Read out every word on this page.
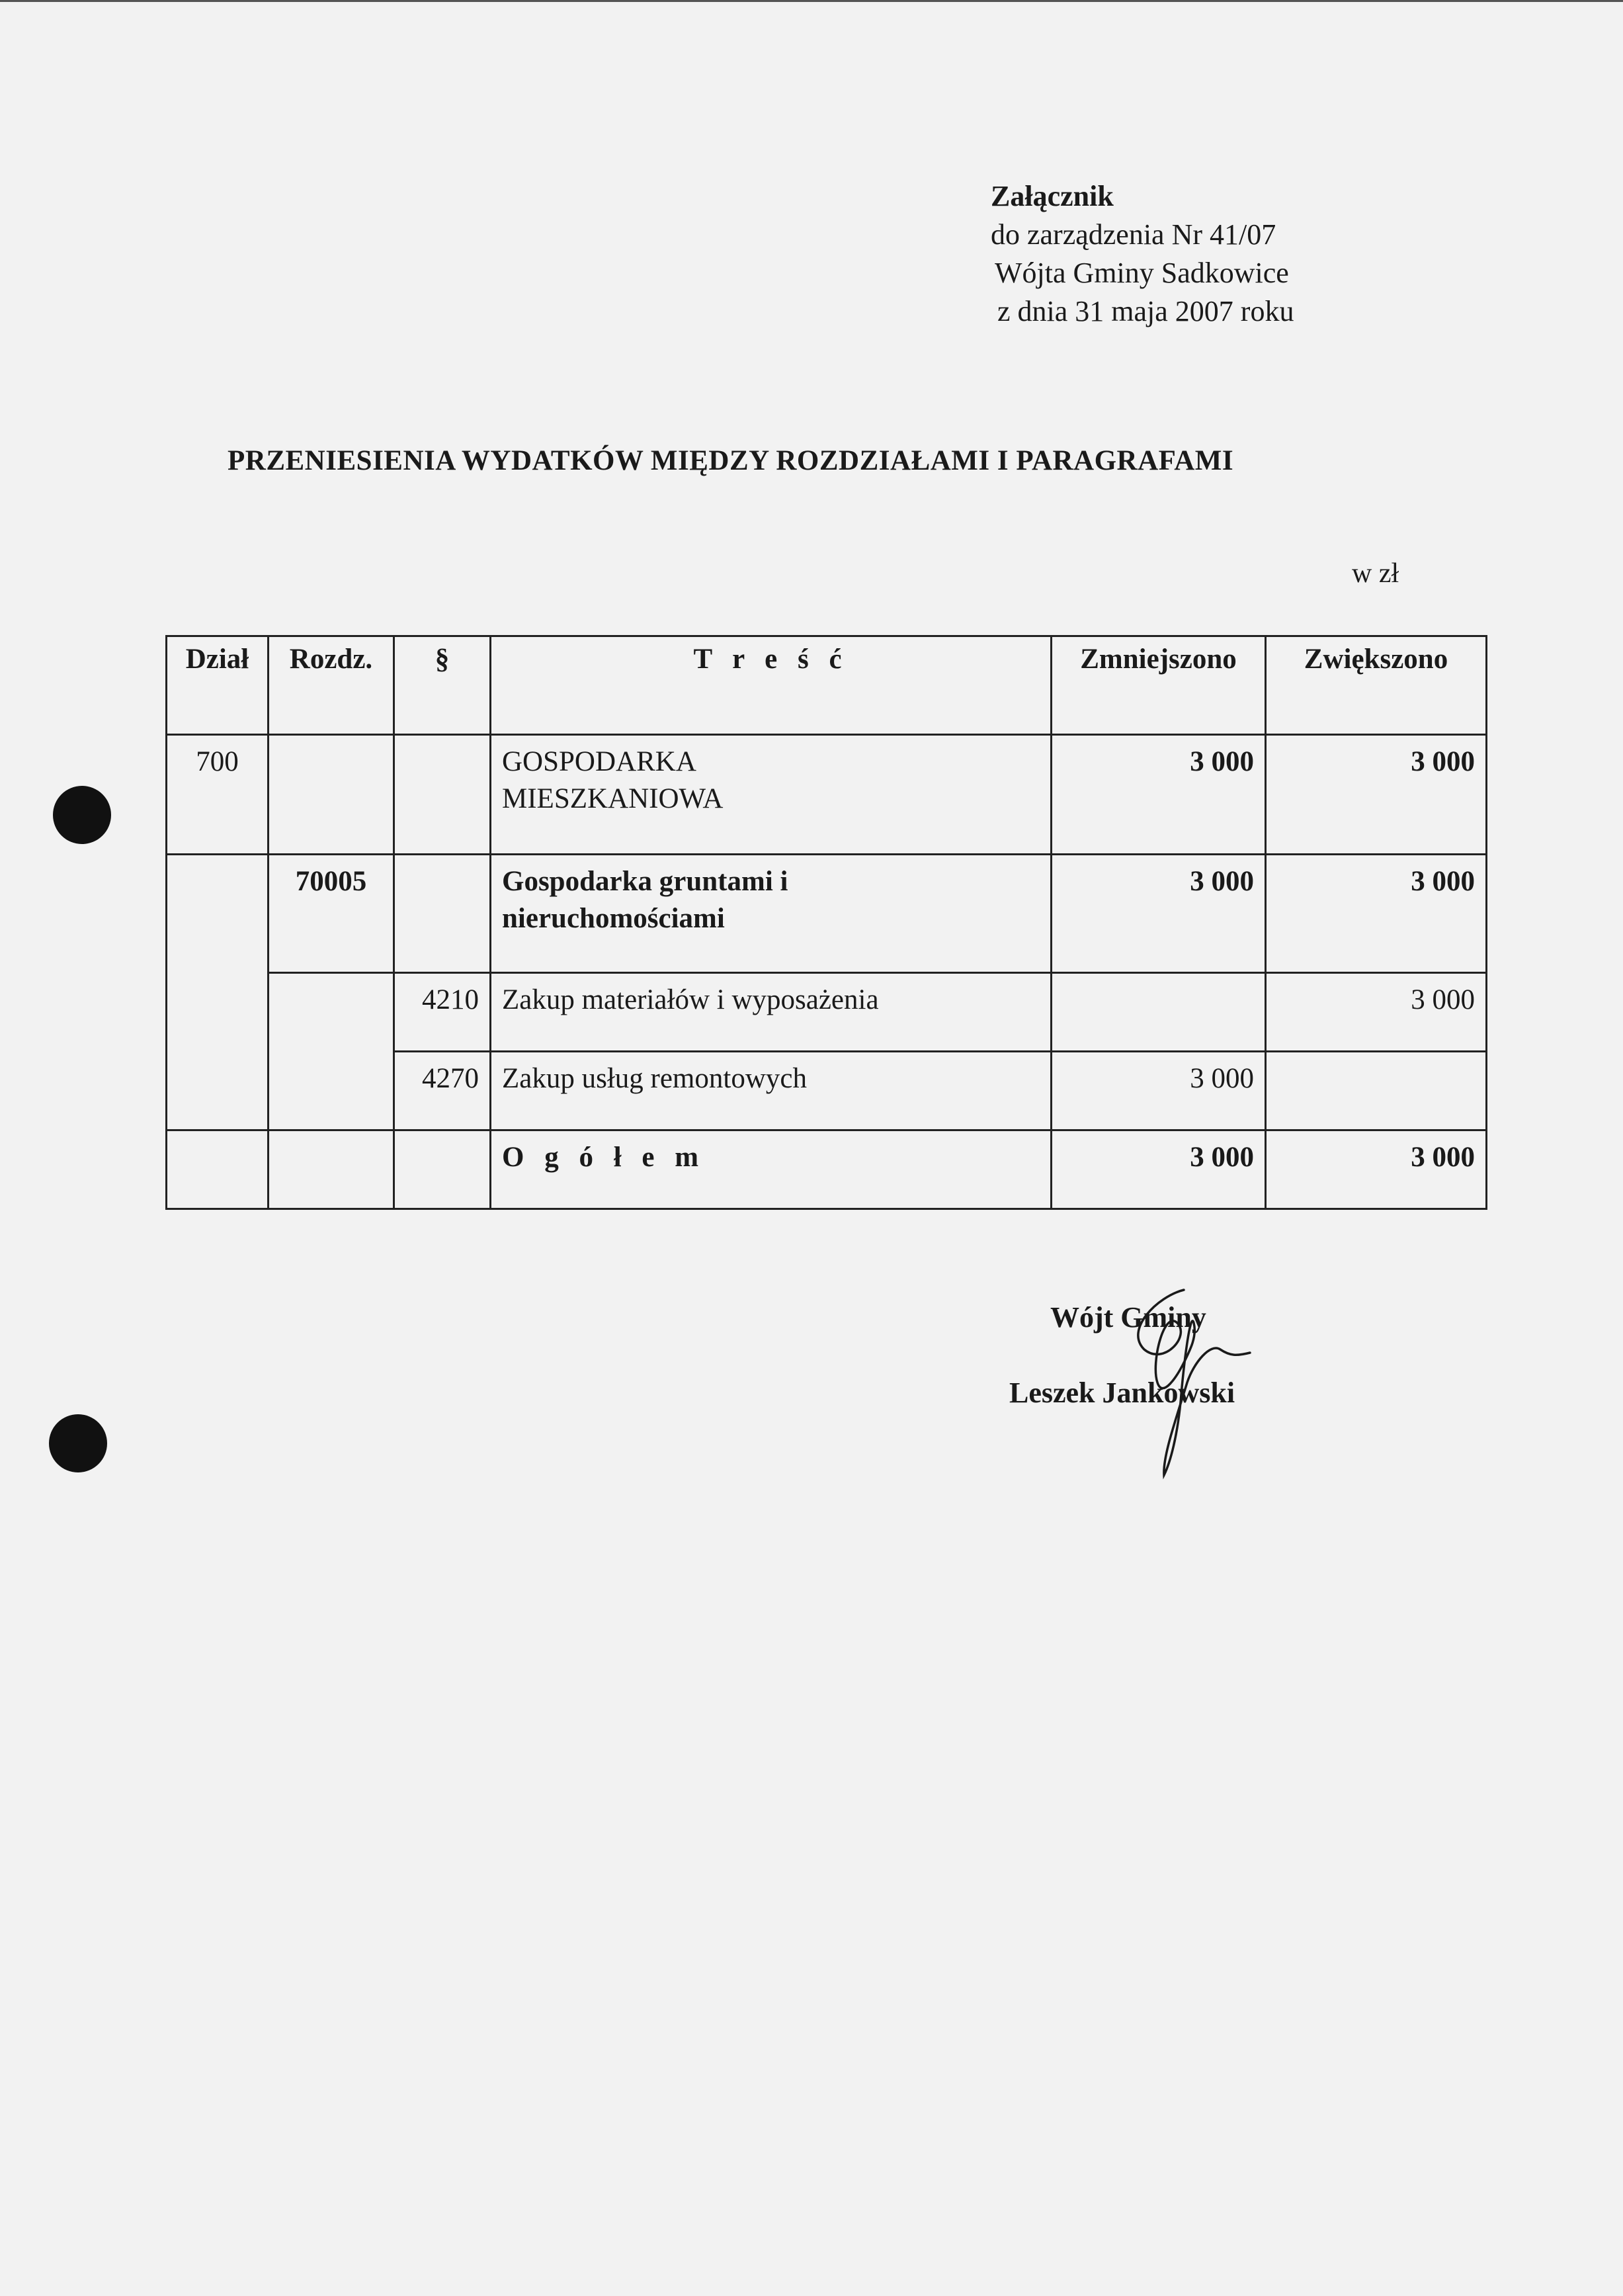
Załącznik
do zarządzenia Nr 41/07
Wójta Gminy Sadkowice
z dnia 31 maja 2007 roku
PRZENIESIENIA WYDATKÓW MIĘDZY ROZDZIAŁAMI I PARAGRAFAMI
w zł
Dział	Rozdz.	§	T r e ś ć	Zmniejszono	Zwiększono
700			GOSPODARKA MIESZKANIOWA	3 000	3 000
	70005		Gospodarka gruntami i nieruchomościami	3 000	3 000
		4210	Zakup materiałów i wyposażenia		3 000
		4270	Zakup usług remontowych	3 000	
			O g ó ł e m	3 000	3 000
Wójt Gminy
Leszek Jankowski
